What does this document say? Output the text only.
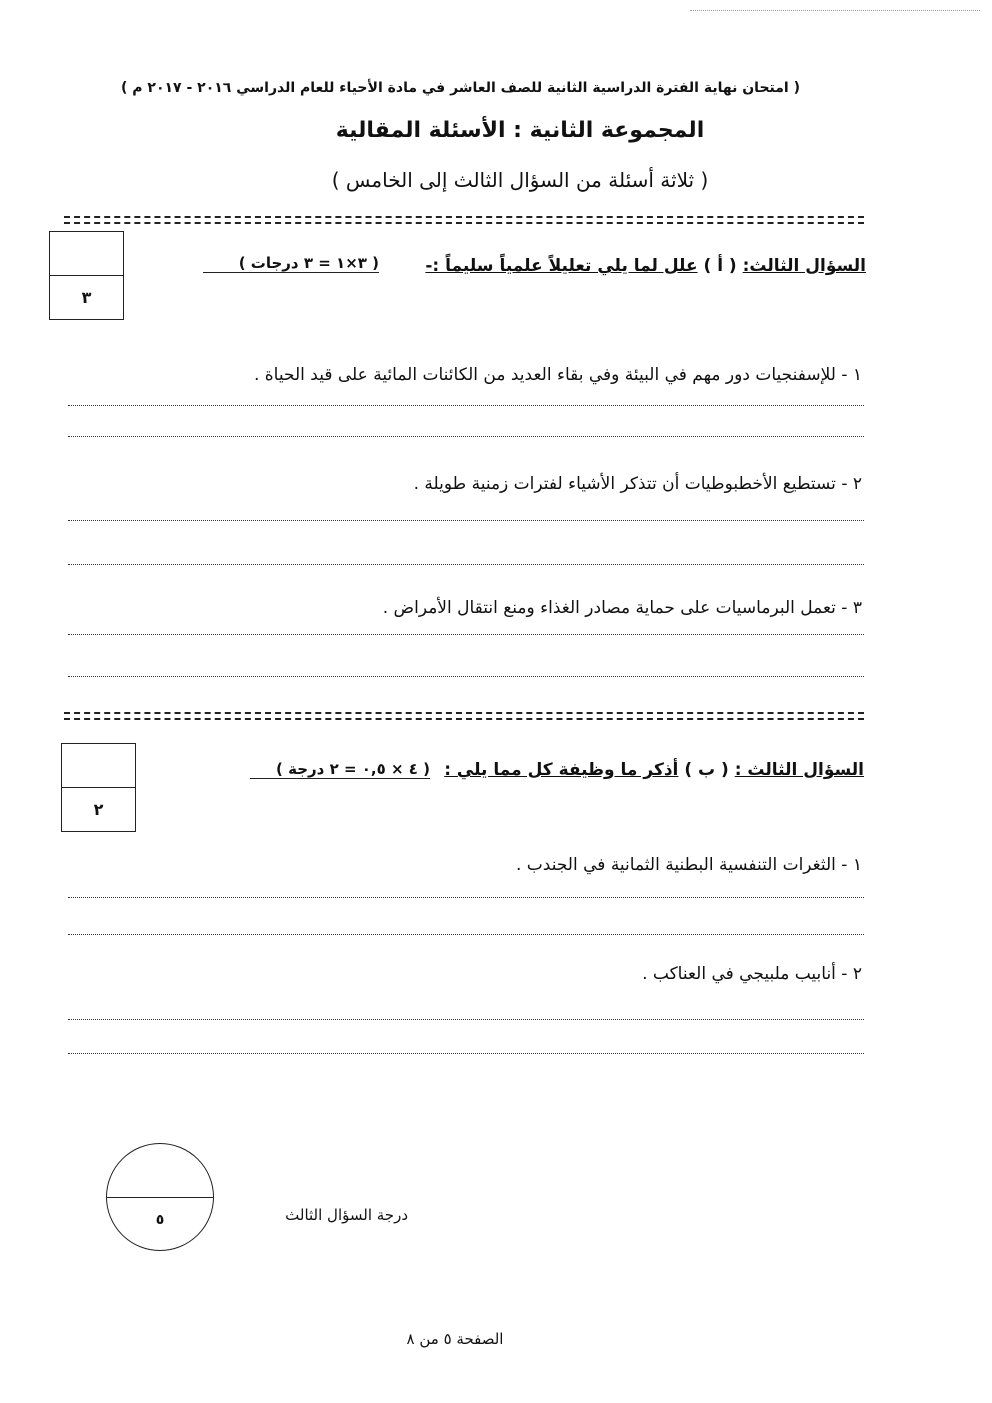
( امتحان نهاية الفترة الدراسية الثانية للصف العاشر في مادة الأحياء للعام الدراسي ٢٠١٦ - ٢٠١٧ م )
المجموعة الثانية : الأسئلة المقالية
( ثلاثة أسئلة من السؤال الثالث إلى الخامس )
٣
السؤال الثالث: ( أ ) علل لما يلي تعليلاً علمياً سليماً :-
( ٣×١ = ٣ درجات )
١ - للإسفنجيات دور مهم في البيئة وفي بقاء العديد من الكائنات المائية على قيد الحياة .
٢ - تستطيع الأخطبوطيات أن تتذكر الأشياء لفترات زمنية طويلة .
٣ - تعمل البرماسيات على حماية مصادر الغذاء ومنع انتقال الأمراض .
٢
السؤال الثالث : ( ب ) أذكر ما وظيفة كل مما يلي :
( ٤ × ٠,٥ = ٢ درجة )
١ - الثغرات التنفسية البطنية الثمانية في الجندب .
٢ - أنابيب ملبيجي في العناكب .
٥	درجة السؤال الثالث
الصفحة ٥ من ٨
